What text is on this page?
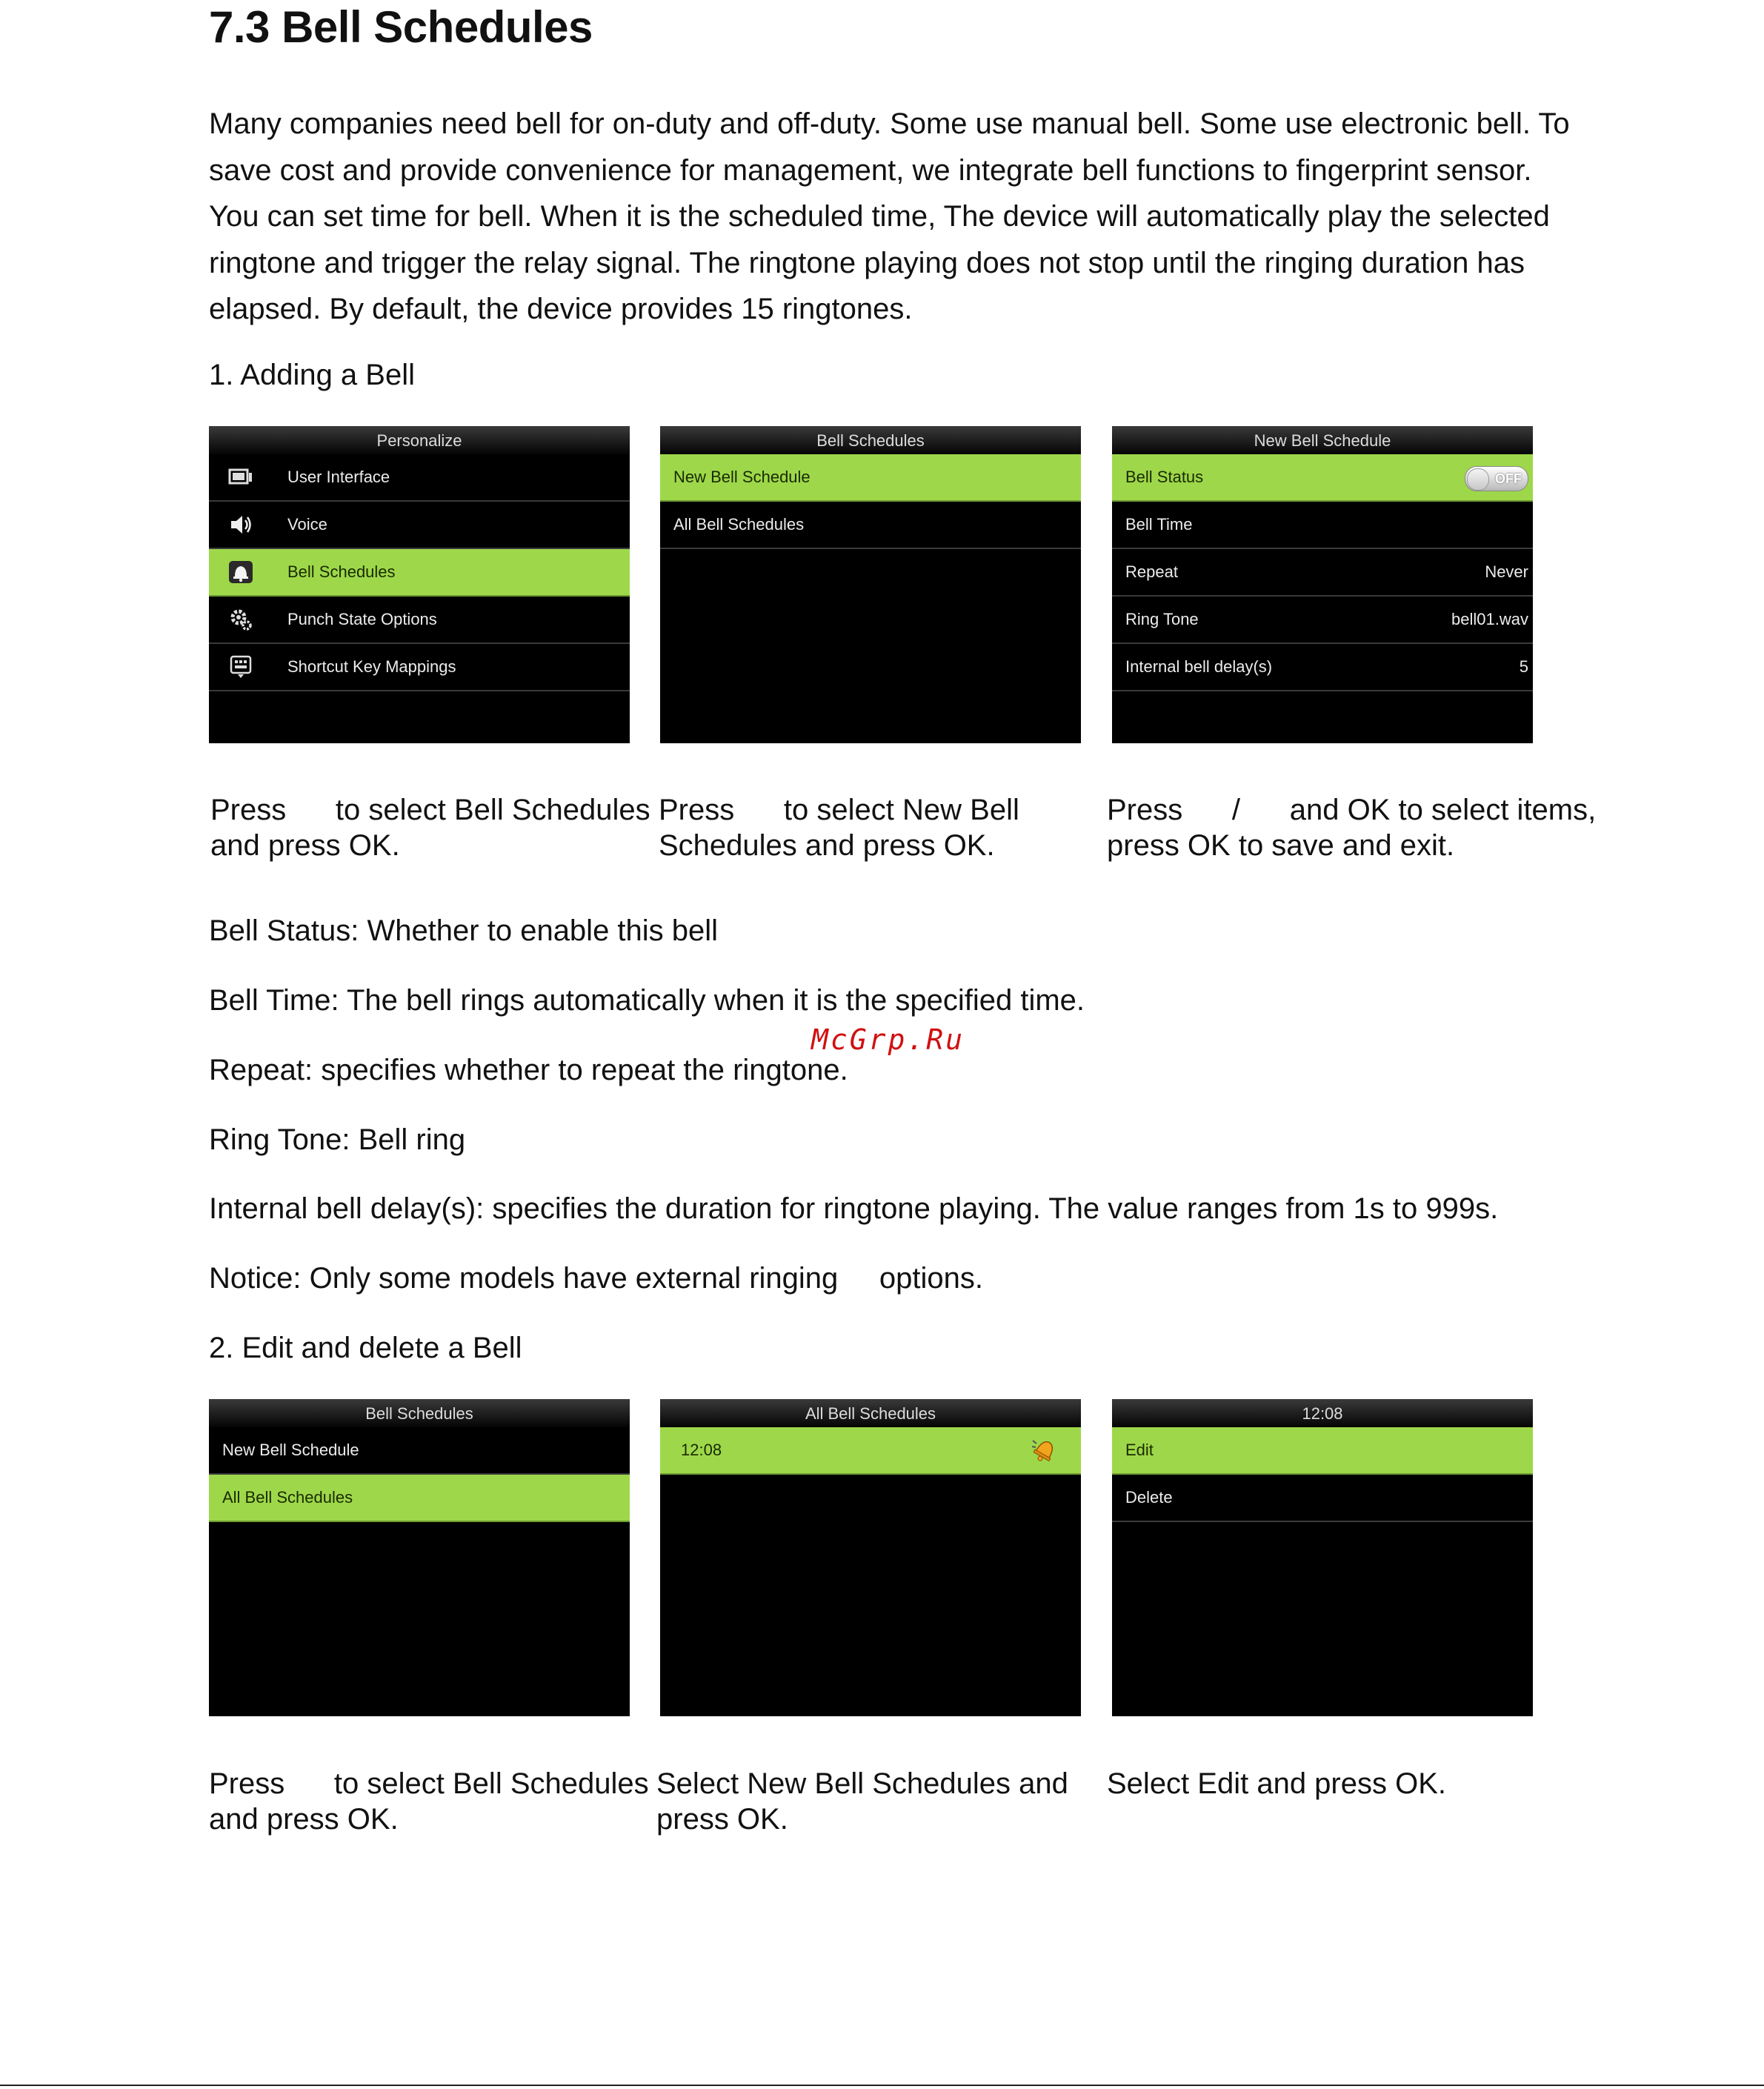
7.3 Bell Schedules
Many companies need bell for on-duty and off-duty. Some use manual bell. Some use electronic bell. To
save cost and provide convenience for management, we integrate bell functions to fingerprint sensor.
You can set time for bell. When it is the scheduled time, The device will automatically play the selected
ringtone and trigger the relay signal. The ringtone playing does not stop until the ringing duration has
elapsed. By default, the device provides 15 ringtones.
1. Adding a Bell
Personalize
User Interface
Voice
Bell Schedules
Punch State Options
Shortcut Key Mappings
Bell Schedules
New Bell Schedule
All Bell Schedules
New Bell Schedule
Bell Status	OFF
Bell Time
Repeat	Never
Ring Tone	bell01.wav
Internal bell delay(s)	5
Press      to select Bell Schedules
and press OK.
Press      to select New Bell
Schedules and press OK.
Press      /      and OK to select items,
press OK to save and exit.
Bell Status: Whether to enable this bell
Bell Time: The bell rings automatically when it is the specified time.
Repeat: specifies whether to repeat the ringtone.
Ring Tone: Bell ring
Internal bell delay(s): specifies the duration for ringtone playing. The value ranges from 1s to 999s.
Notice: Only some models have external ringing     options.
McGrp.Ru
2. Edit and delete a Bell
Bell Schedules
New Bell Schedule
All Bell Schedules
All Bell Schedules
12:08
12:08
Edit
Delete
Press      to select Bell Schedules
and press OK.
Select New Bell Schedules and
press OK.
Select Edit and press OK.
